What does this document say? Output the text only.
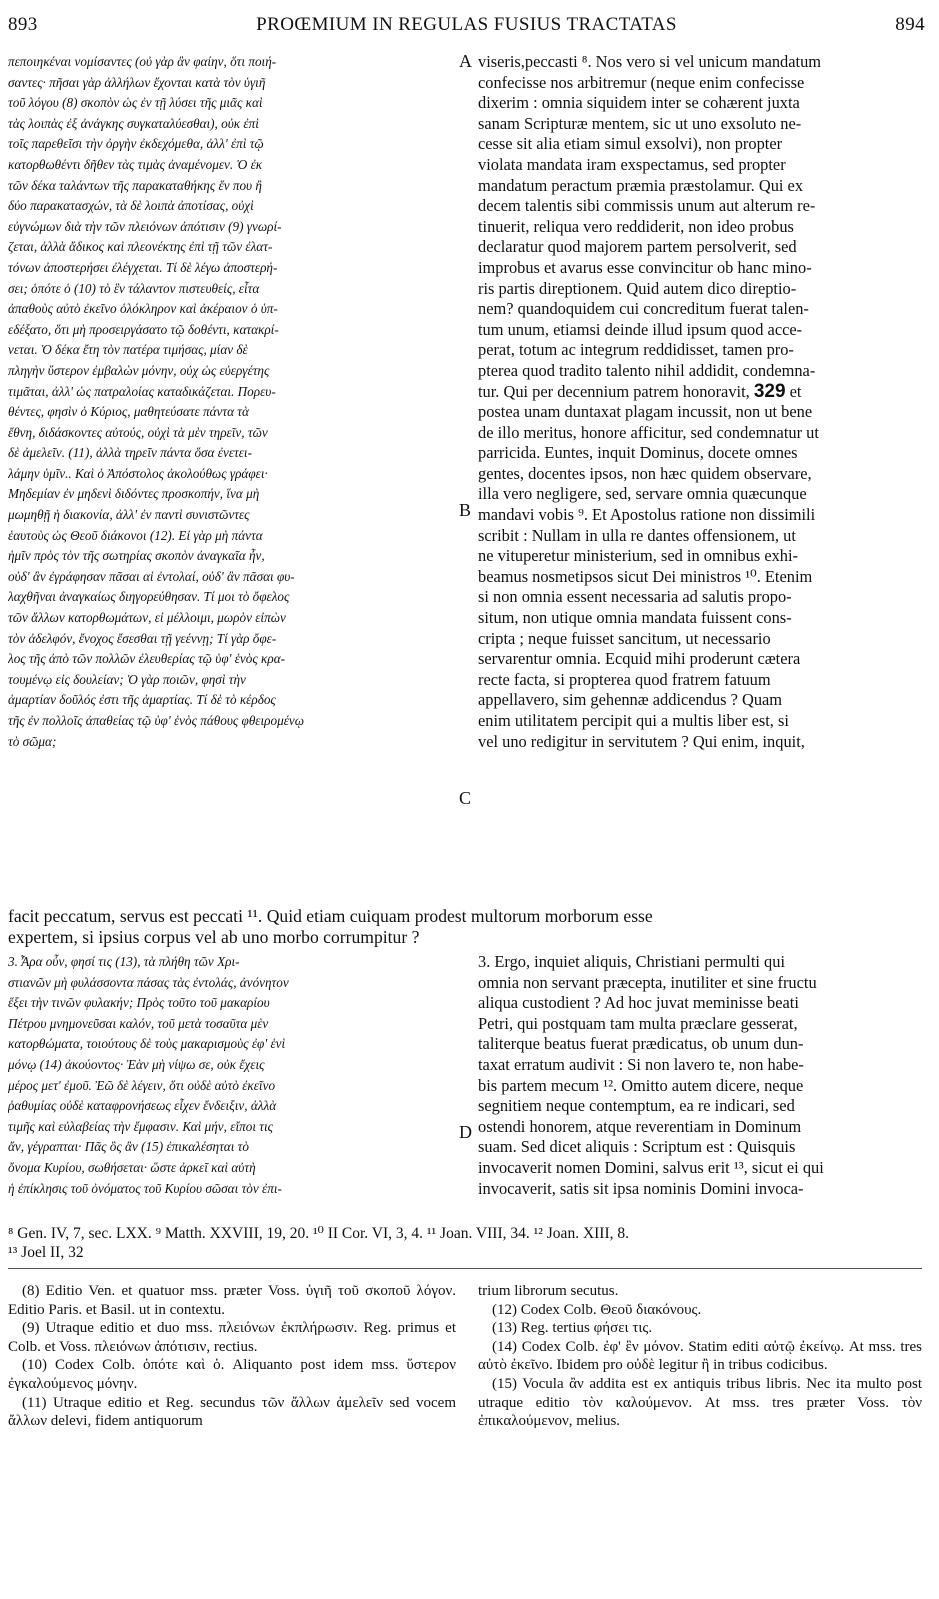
893	PROŒMIUM IN REGULAS FUSIUS TRACTATAS	894
A
B
C
D
πεποιηκέναι νομίσαντες (οὐ γὰρ ἂν φαίην, ὅτι ποιή-
σαντες· πῆσαι γὰρ ἀλλήλων ἔχονται κατὰ τὸν ὑγιῆ
τοῦ λόγου (8) σκοπὸν ὡς ἐν τῇ λύσει τῆς μιᾶς καὶ
τὰς λοιπὰς ἐξ ἀνάγκης συγκαταλύεσθαι), οὐκ ἐπὶ
τοῖς παρεθεῖσι τὴν ὀργὴν ἐκδεχόμεθα, ἀλλ' ἐπὶ τῷ
κατορθωθέντι δῆθεν τὰς τιμὰς ἀναμένομεν. Ὁ ἐκ
τῶν δέκα ταλάντων τῆς παρακαταθήκης ἕν που ἢ
δύο παρακατασχών, τὰ δὲ λοιπὰ ἀποτίσας, οὐχὶ
εὐγνώμων διὰ τὴν τῶν πλειόνων ἀπότισιν (9) γνωρί-
ζεται, ἀλλὰ ἄδικος καὶ πλεονέκτης ἐπὶ τῇ τῶν ἐλατ-
τόνων ἀποστερήσει ἐλέγχεται. Τί δὲ λέγω ἀποστερή-
σει; ὁπότε ὁ (10) τὸ ἓν τάλαντον πιστευθείς, εἶτα
ἀπαθοὺς αὐτὸ ἐκεῖνο ὁλόκληρον καὶ ἀκέραιον ὁ ὑπ-
εδέξατο, ὅτι μὴ προσειργάσατο τῷ δοθέντι, κατακρί-
νεται. Ὁ δέκα ἔτη τὸν πατέρα τιμήσας, μίαν δὲ
πληγὴν ὕστερον ἐμβαλὼν μόνην, οὐχ ὡς εὐεργέτης
τιμᾶται, ἀλλ' ὡς πατραλοίας καταδικάζεται. Πορευ-
θέντες, φησὶν ὁ Κύριος, μαθητεύσατε πάντα τὰ
ἔθνη, διδάσκοντες αὐτούς, οὐχὶ τὰ μὲν τηρεῖν, τῶν
δὲ ἀμελεῖν. (11), ἀλλὰ τηρεῖν πάντα ὅσα ἐνετει-
λάμην ὑμῖν.. Καὶ ὁ Ἀπόστολος ἀκολούθως γράφει·
Μηδεμίαν ἐν μηδενὶ διδόντες προσκοπήν, ἵνα μὴ
μωμηθῇ ἡ διακονία, ἀλλ' ἐν παντὶ συνιστῶντες
ἑαυτοὺς ὡς Θεοῦ διάκονοι (12). Εἰ γὰρ μὴ πάντα
ἡμῖν πρὸς τὸν τῆς σωτηρίας σκοπὸν ἀναγκαῖα ἦν,
οὐδ' ἂν ἐγράφησαν πᾶσαι αἱ ἐντολαί, οὐδ' ἂν πᾶσαι φυ-
λαχθῆναι ἀναγκαίως διηγορεύθησαν. Τί μοι τὸ ὄφελος
τῶν ἄλλων κατορθωμάτων, εἰ μέλλοιμι, μωρὸν εἰπὼν
τὸν ἀδελφόν, ἔνοχος ἔσεσθαι τῇ γεέννῃ; Τί γὰρ ὄφε-
λος τῆς ἀπὸ τῶν πολλῶν ἐλευθερίας τῷ ὑφ' ἑνὸς κρα-
τουμένῳ εἰς δουλείαν; Ὁ γὰρ ποιῶν, φησὶ τὴν
ἁμαρτίαν δοῦλός ἐστι τῆς ἁμαρτίας. Τί δὲ τὸ κέρδος
τῆς ἐν πολλοῖς ἀπαθείας τῷ ὑφ' ἑνὸς πάθους φθειρομένῳ
τὸ σῶμα;
viseris,peccasti ⁸. Nos vero si vel unicum mandatum
confecisse nos arbitremur (neque enim confecisse
dixerim : omnia siquidem inter se cohærent juxta
sanam Scripturæ mentem, sic ut uno exsoluto ne-
cesse sit alia etiam simul exsolvi), non propter
violata mandata iram exspectamus, sed propter
mandatum peractum præmia præstolamur. Qui ex
decem talentis sibi commissis unum aut alterum re-
tinuerit, reliqua vero reddiderit, non ideo probus
declaratur quod majorem partem persolverit, sed
improbus et avarus esse convincitur ob hanc mino-
ris partis direptionem. Quid autem dico direptio-
nem? quandoquidem cui concreditum fuerat talen-
tum unum, etiamsi deinde illud ipsum quod acce-
perat, totum ac integrum reddidisset, tamen pro-
pterea quod tradito talento nihil addidit, condemna-
tur. Qui per decennium patrem honoravit, 329 et
postea unam duntaxat plagam incussit, non ut bene
de illo meritus, honore afficitur, sed condemnatur ut
parricida. Euntes, inquit Dominus, docete omnes
gentes, docentes ipsos, non hæc quidem observare,
illa vero negligere, sed, servare omnia quæcunque
mandavi vobis ⁹. Et Apostolus ratione non dissimili
scribit : Nullam in ulla re dantes offensionem, ut
ne vituperetur ministerium, sed in omnibus exhi-
beamus nosmetipsos sicut Dei ministros ¹⁰. Etenim
si non omnia essent necessaria ad salutis propo-
situm, non utique omnia mandata fuissent cons-
cripta ; neque fuisset sancitum, ut necessario
servarentur omnia. Ecquid mihi proderunt cætera
recte facta, si propterea quod fratrem fatuum
appellavero, sim gehennæ addicendus ? Quam
enim utilitatem percipit qui a multis liber est, si
vel uno redigitur in servitutem ? Qui enim, inquit,
facit peccatum, servus est peccati ¹¹. Quid etiam cuiquam prodest multorum morborum esse
expertem, si ipsius corpus vel ab uno morbo corrumpitur ?
3. Ἆρα οὖν, φησί τις (13), τὰ πλήθη τῶν Χρι-
στιανῶν μὴ φυλάσσοντα πάσας τὰς ἐντολάς, ἀνόνητον
ἕξει τὴν τινῶν φυλακήν; Πρὸς τοῦτο τοῦ μακαρίου
Πέτρου μνημονεῦσαι καλόν, τοῦ μετὰ τοσαῦτα μὲν
κατορθώματα, τοιούτους δὲ τοὺς μακαρισμοὺς ἐφ' ἑνὶ
μόνῳ (14) ἀκούοντος· Ἐὰν μὴ νίψω σε, οὐκ ἔχεις
μέρος μετ' ἐμοῦ. Ἐῶ δὲ λέγειν, ὅτι οὐδὲ αὐτὸ ἐκεῖνο
ῥαθυμίας οὐδὲ καταφρονήσεως εἶχεν ἔνδειξιν, ἀλλὰ
τιμῆς καὶ εὐλαβείας τὴν ἔμφασιν. Καὶ μήν, εἴποι τις
ἄν, γέγραπται· Πᾶς ὃς ἂν (15) ἐπικαλέσηται τὸ
ὄνομα Κυρίου, σωθήσεται· ὥστε ἀρκεῖ καὶ αὐτὴ
ἡ ἐπίκλησις τοῦ ὀνόματος τοῦ Κυρίου σῶσαι τὸν ἐπι-
3. Ergo, inquiet aliquis, Christiani permulti qui
omnia non servant præcepta, inutiliter et sine fructu
aliqua custodient ? Ad hoc juvat meminisse beati
Petri, qui postquam tam multa præclare gesserat,
taliterque beatus fuerat prædicatus, ob unum dun-
taxat erratum audivit : Si non lavero te, non habe-
bis partem mecum ¹². Omitto autem dicere, neque
segnitiem neque contemptum, ea re indicari, sed
ostendi honorem, atque reverentiam in Dominum
suam. Sed dicet aliquis : Scriptum est : Quisquis
invocaverit nomen Domini, salvus erit ¹³, sicut ei qui
invocaverit, satis sit ipsa nominis Domini invoca-
⁸ Gen. IV, 7, sec. LXX. ⁹ Matth. XXVIII, 19, 20. ¹⁰ II Cor. VI, 3, 4. ¹¹ Joan. VIII, 34. ¹² Joan. XIII, 8.
¹³ Joel II, 32
(8) Editio Ven. et quatuor mss. præter Voss. ὑγιῆ τοῦ σκοποῦ λόγον. Editio Paris. et Basil. ut in contextu.
(9) Utraque editio et duo mss. πλειόνων ἐκπλήρωσιν. Reg. primus et Colb. et Voss. πλειόνων ἀπότισιν, rectius.
(10) Codex Colb. ὁπότε καὶ ὁ. Aliquanto post idem mss. ὕστερον ἐγκαλούμενος μόνην.
(11) Utraque editio et Reg. secundus τῶν ἄλλων ἀμελεῖν sed vocem ἄλλων delevi, fidem antiquorum
trium librorum secutus.
(12) Codex Colb. Θεοῦ διακόνους.
(13) Reg. tertius φήσει τις.
(14) Codex Colb. ἐφ' ἓν μόνον. Statim editi αὐτῷ ἐκείνῳ. At mss. tres αὐτὸ ἐκεῖνο. Ibidem pro οὐδὲ legitur ἢ in tribus codicibus.
(15) Vocula ἂν addita est ex antiquis tribus libris. Nec ita multo post utraque editio τὸν καλούμενον. At mss. tres præter Voss. τὸν ἐπικαλούμενον, melius.
